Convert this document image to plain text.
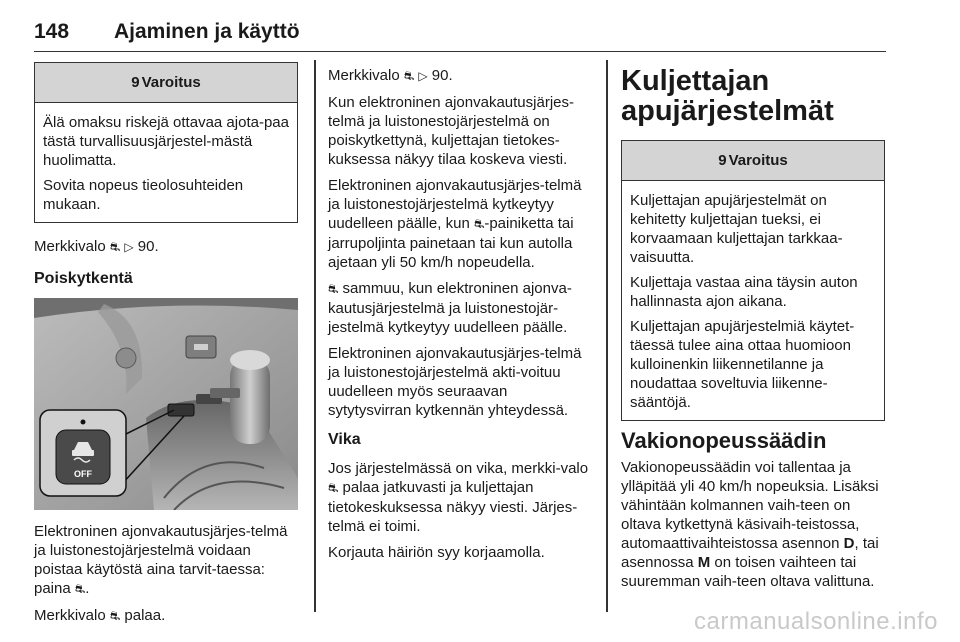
148 Ajaminen ja käyttö
9 Varoitus

Älä omaksu riskejä ottavaa ajota-paa tästä turvallisuusjärjestel-mästä huolimatta.

Sovita nopeus tieolosuhteiden mukaan.

Merkkivalo ⛐ ▷ 90.

Poiskytkentä
OFF

Elektroninen ajonvakautusjärjes-telmä ja luistonestojärjestelmä voidaan poistaa käytöstä aina tarvit-taessa: paina ⛐.

Merkkivalo ⛐ palaa.

Merkkivalo ⛐ ▷ 90.

Kun elektroninen ajonvakautusjärjes-telmä ja luistonestojärjestelmä on poiskytkettynä, kuljettajan tietokes-kuksessa näkyy tilaa koskeva viesti.

Elektroninen ajonvakautusjärjes-telmä ja luistonestojärjestelmä kytkeytyy uudelleen päälle, kun ⛐-painiketta tai jarrupoljinta painetaan tai kun autolla ajetaan yli 50 km/h nopeudella.

⛐ sammuu, kun elektroninen ajonva-kautusjärjestelmä ja luistonestojär-jestelmä kytkeytyy uudelleen päälle.

Elektroninen ajonvakautusjärjes-telmä ja luistonestojärjestelmä akti-voituu uudelleen myös seuraavan sytytysvirran kytkennän yhteydessä.

Vika

Jos järjestelmässä on vika, merkki-valo ⛐ palaa jatkuvasti ja kuljettajan tietokeskuksessa näkyy viesti. Järjes-telmä ei toimi.

Korjauta häiriön syy korjaamolla.

Kuljettajan apujärjestelmät
9 Varoitus

Kuljettajan apujärjestelmät on kehitetty kuljettajan tueksi, ei korvaamaan kuljettajan tarkkaa-vaisuutta.

Kuljettaja vastaa aina täysin auton hallinnasta ajon aikana.

Kuljettajan apujärjestelmiä käytet-täessä tulee aina ottaa huomioon kulloinenkin liikennetilanne ja noudattaa soveltuvia liikenne-sääntöjä.

Vakionopeussäädin

Vakionopeussäädin voi tallentaa ja ylläpitää yli 40 km/h nopeuksia. Lisäksi vähintään kolmannen vaih-teen on oltava kytkettynä käsivaih-teistossa, automaattivaihteistossa asennon D, tai asennossa M on toisen vaihteen tai suuremman vaih-teen oltava valittuna.

carmanualsonline.info
